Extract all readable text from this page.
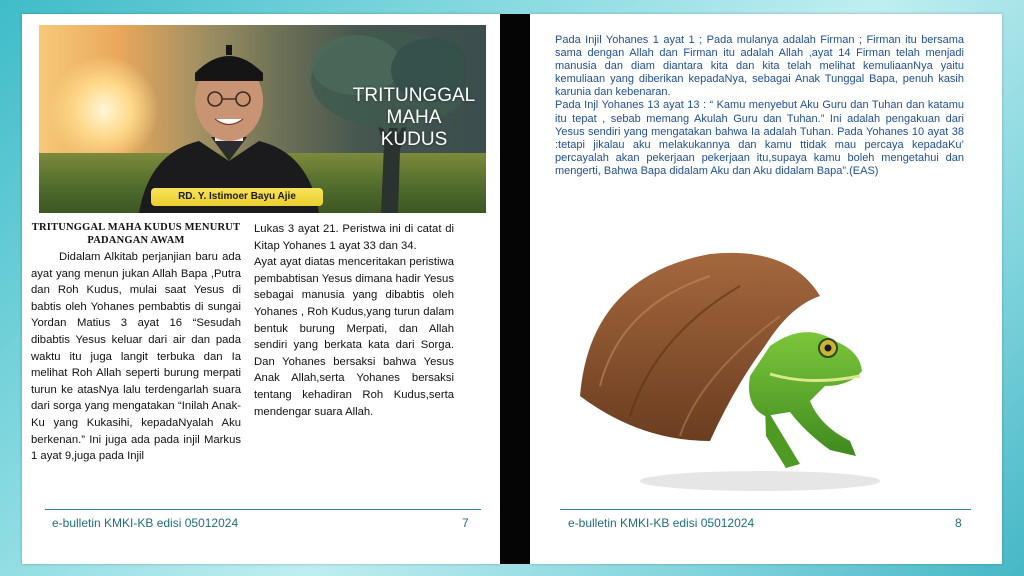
TRITUNGGAL
MAHA
KUDUS
RD. Y. Istimoer Bayu Ajie
TRITUNGGAL MAHA KUDUS MENURUT
PADANGAN AWAM

Didalam Alkitab perjanjian baru ada ayat yang menun jukan Allah Bapa ,Putra dan Roh Kudus, mulai saat Yesus di babtis oleh Yohanes pembabtis di sungai Yordan Matius 3 ayat 16 “Sesudah dibabtis Yesus keluar dari air dan pada waktu itu juga langit terbuka dan Ia melihat Roh Allah seperti burung merpati turun ke atasNya lalu terdengarlah suara dari sorga yang mengatakan “Inilah Anak-Ku yang Kukasihi, kepadaNyalah Aku berkenan.” Ini juga ada pada injil Markus 1 ayat 9,juga pada Injil

Lukas 3 ayat 21. Peristwa ini di catat di Kitap Yohanes 1 ayat 33 dan 34.

Ayat ayat diatas menceritakan peristiwa pembabtisan Yesus dimana hadir Yesus sebagai manusia yang dibabtis oleh Yohanes , Roh Kudus,yang turun dalam bentuk burung Merpati, dan Allah sendiri yang berkata kata dari Sorga. Dan Yohanes bersaksi bahwa Yesus Anak Allah,serta Yohanes bersaksi tentang kehadiran Roh Kudus,serta mendengar suara Allah.

e-bulletin KMKI-KB edisi 05012024	7

Pada Injil Yohanes 1 ayat 1 ; Pada mulanya adalah Firman ; Firman itu bersama sama dengan Allah dan Firman itu adalah Allah ,ayat 14 Firman telah menjadi manusia dan diam diantara kita dan kita telah melihat kemuliaanNya yaitu kemuliaan yang diberikan kepadaNya, sebagai Anak Tunggal Bapa, penuh kasih karunia dan kebenaran.

Pada Injl Yohanes 13 ayat 13 : “ Kamu menyebut Aku Guru dan Tuhan dan katamu itu tepat , sebab memang Akulah Guru dan Tuhan.” Ini adalah pengakuan dari Yesus sendiri yang mengatakan bahwa Ia adalah Tuhan. Pada Yohanes 10 ayat 38 :tetapi jikalau aku melakukannya dan kamu ttidak mau percaya kepadaKu’ percayalah akan pekerjaan pekerjaan itu,supaya kamu boleh mengetahui dan mengerti, Bahwa Bapa didalam Aku dan Aku didalam Bapa”.(EAS)

e-bulletin KMKI-KB edisi 05012024	8
